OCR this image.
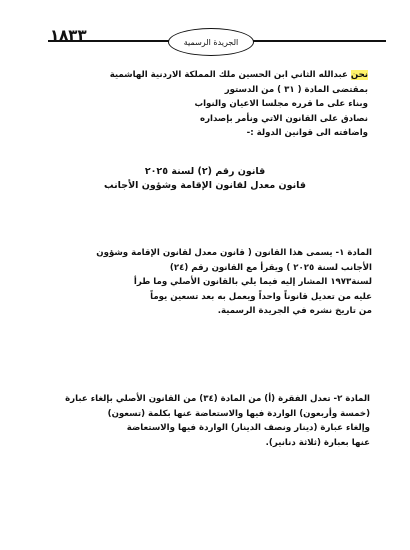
١٨٣٣	الجريدة الرسمية

نحن عبدالله الثاني ابن الحسين ملك المملكة الاردنية الهاشمية

بمقتضى المادة ( ٣١ ) من الدستور

وبناء على ما قرره مجلسا الاعيان والنواب

نصادق على القانون الاتي ونأمر بإصداره

واضافته الى قوانين الدولة :-

قانون رقم (٢) لسنة ٢٠٢٥

قانون معدل لقانون الإقامة وشؤون الأجانب

المادة ١- يسمى هذا القانون ( قانون معدل لقانون الإقامة وشؤون

الأجانب لسنة ٢٠٢٥ ) ويقرأ مع القانون رقم (٢٤)

لسنة١٩٧٣ المشار إليه فيما يلي بالقانون الأصلي وما طرأ

عليه من تعديل قانوناً واحداً ويعمل به بعد تسعين يوماً

من تاريخ نشره في الجريدة الرسمية.

المادة ٢- تعدل الفقرة (أ) من المادة (٣٤) من القانون الأصلي بإلغاء عبارة

(خمسة وأربعون) الواردة فيها والاستعاضة عنها بكلمة (تسعون)

وإلغاء عبارة (دينار ونصف الدينار) الواردة فيها والاستعاضة

عنها بعبارة (ثلاثة دنانير).
